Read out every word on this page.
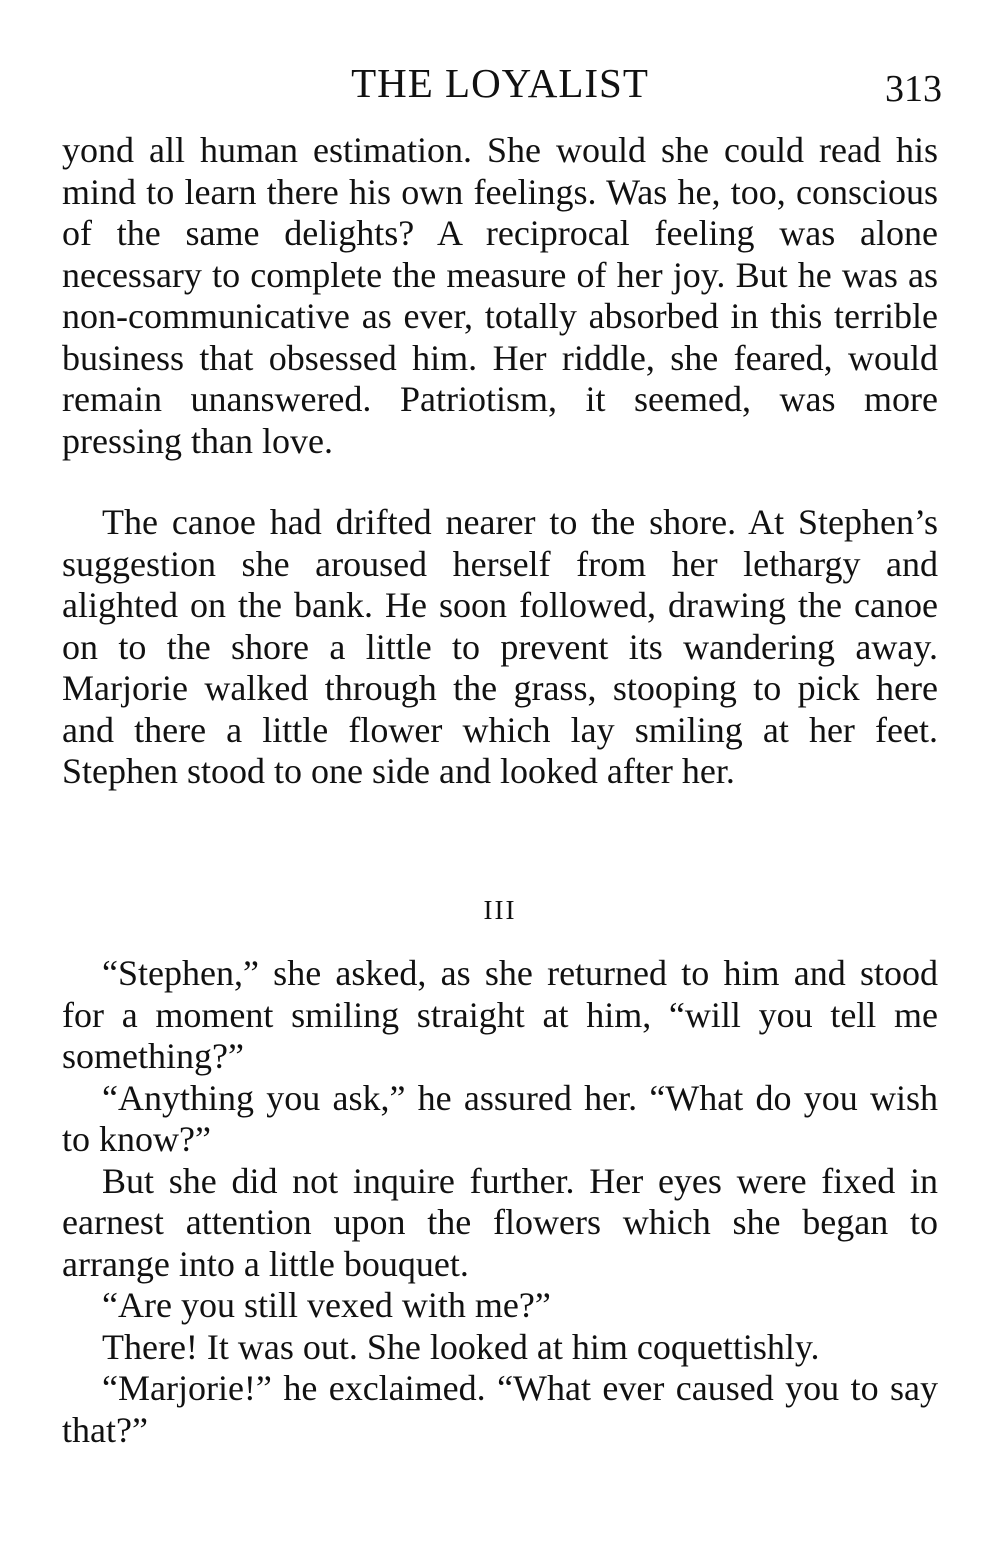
THE LOYALIST	313

yond all human estimation. She would she could read his mind to learn there his own feelings. Was he, too, conscious of the same delights? A reciprocal feeling was alone necessary to complete the measure of her joy. But he was as non-communicative as ever, totally absorbed in this terrible business that obsessed him. Her riddle, she feared, would remain unanswered. Patriotism, it seemed, was more pressing than love.

The canoe had drifted nearer to the shore. At Stephen’s suggestion she aroused herself from her lethargy and alighted on the bank. He soon followed, drawing the canoe on to the shore a little to prevent its wandering away. Marjorie walked through the grass, stooping to pick here and there a little flower which lay smiling at her feet. Stephen stood to one side and looked after her.

III

“Stephen,” she asked, as she returned to him and stood for a moment smiling straight at him, “will you tell me something?”

“Anything you ask,” he assured her. “What do you wish to know?”

But she did not inquire further. Her eyes were fixed in earnest attention upon the flowers which she began to arrange into a little bouquet.

“Are you still vexed with me?”

There! It was out. She looked at him coquettishly.

“Marjorie!” he exclaimed. “What ever caused you to say that?”
